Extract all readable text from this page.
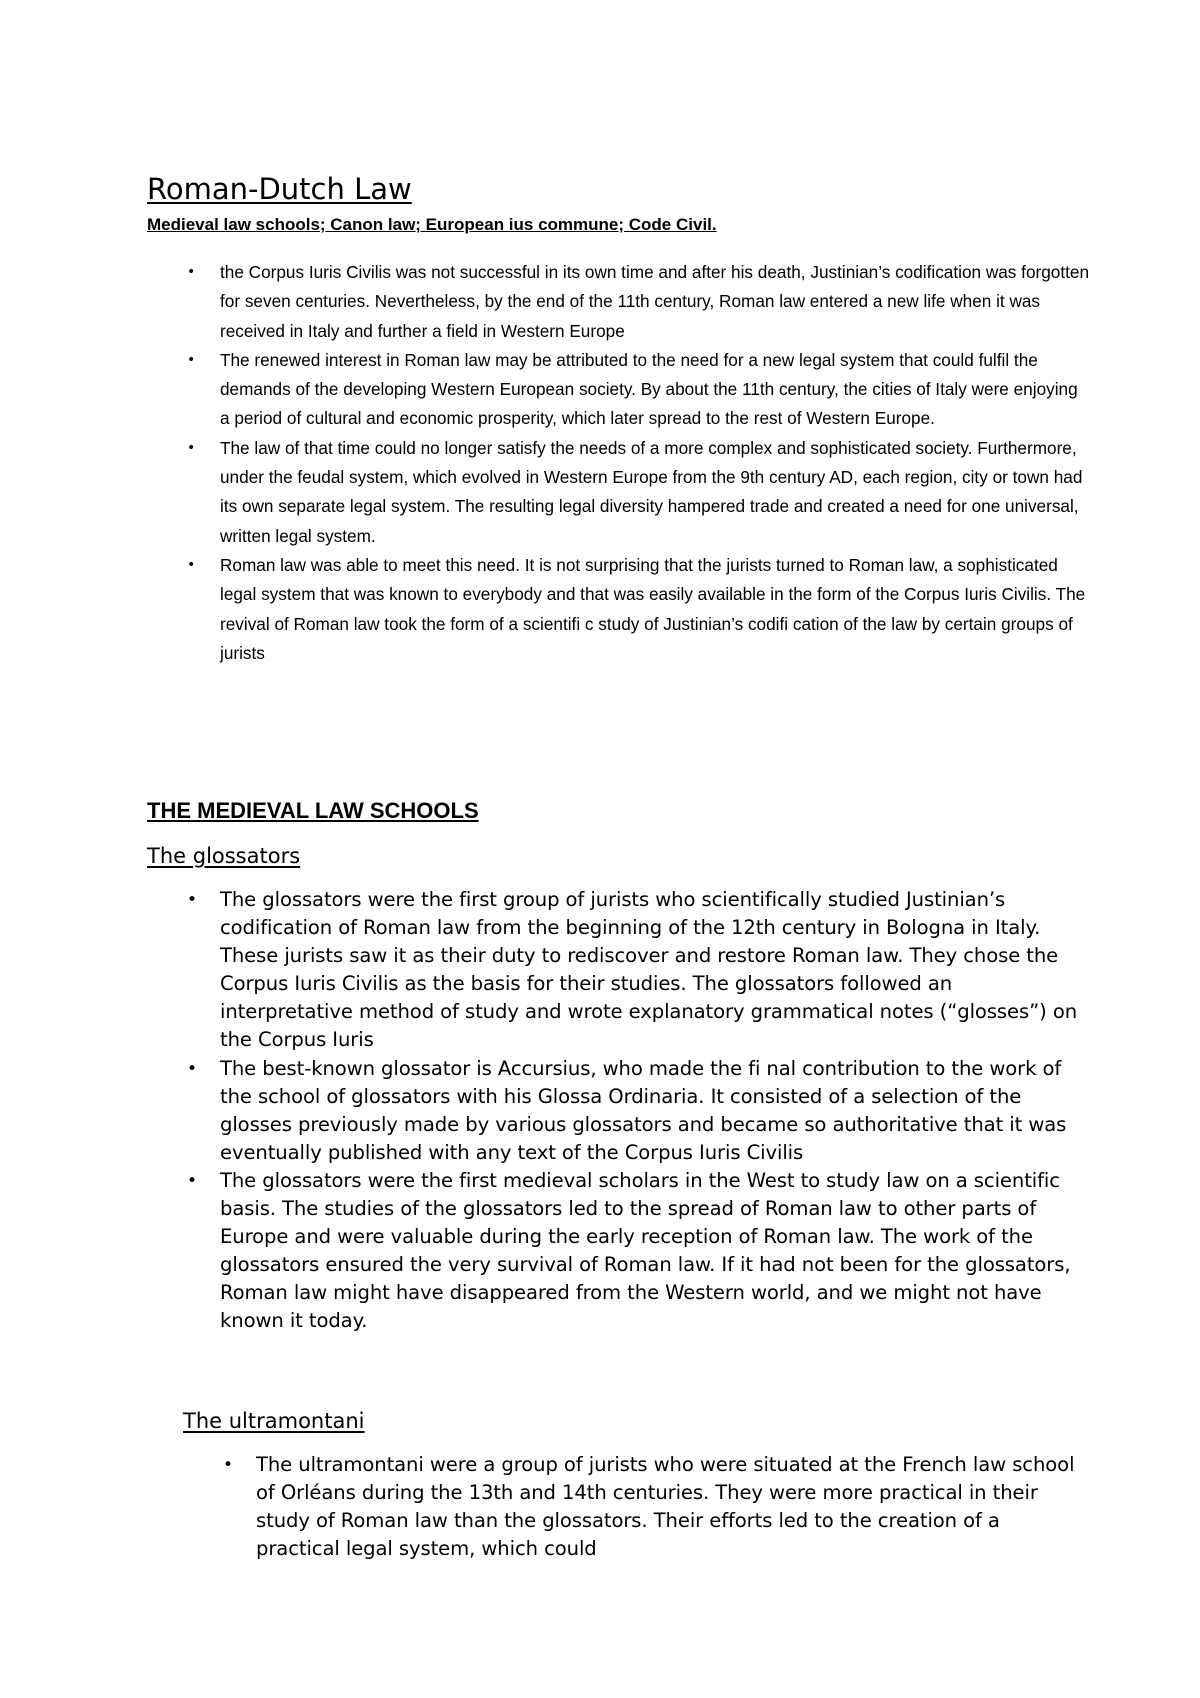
Roman-Dutch Law
Medieval law schools; Canon law; European ius commune; Code Civil.
• the Corpus Iuris Civilis was not successful in its own time and after his death, Justinian’s codification was forgotten for seven centuries. Nevertheless, by the end of the 11th century, Roman law entered a new life when it was received in Italy and further a field in Western Europe
• The renewed interest in Roman law may be attributed to the need for a new legal system that could fulfil the demands of the developing Western European society. By about the 11th century, the cities of Italy were enjoying a period of cultural and economic prosperity, which later spread to the rest of Western Europe.
• The law of that time could no longer satisfy the needs of a more complex and sophisticated society. Furthermore, under the feudal system, which evolved in Western Europe from the 9th century AD, each region, city or town had its own separate legal system. The resulting legal diversity hampered trade and created a need for one universal, written legal system.
• Roman law was able to meet this need. It is not surprising that the jurists turned to Roman law, a sophisticated legal system that was known to everybody and that was easily available in the form of the Corpus Iuris Civilis. The revival of Roman law took the form of a scientifi c study of Justinian’s codifi cation of the law by certain groups of jurists
THE MEDIEVAL LAW SCHOOLS
The glossators
• The glossators were the first group of jurists who scientifically studied Justinian’s codification of Roman law from the beginning of the 12th century in Bologna in Italy. These jurists saw it as their duty to rediscover and restore Roman law. They chose the Corpus Iuris Civilis as the basis for their studies. The glossators followed an interpretative method of study and wrote explanatory grammatical notes (“glosses”) on the Corpus Iuris
• The best-known glossator is Accursius, who made the fi nal contribution to the work of the school of glossators with his Glossa Ordinaria. It consisted of a selection of the glosses previously made by various glossators and became so authoritative that it was eventually published with any text of the Corpus Iuris Civilis
• The glossators were the first medieval scholars in the West to study law on a scientific basis. The studies of the glossators led to the spread of Roman law to other parts of Europe and were valuable during the early reception of Roman law. The work of the glossators ensured the very survival of Roman law. If it had not been for the glossators, Roman law might have disappeared from the Western world, and we might not have known it today.
The ultramontani
• The ultramontani were a group of jurists who were situated at the French law school of Orléans during the 13th and 14th centuries. They were more practical in their study of Roman law than the glossators. Their efforts led to the creation of a practical legal system, which could
